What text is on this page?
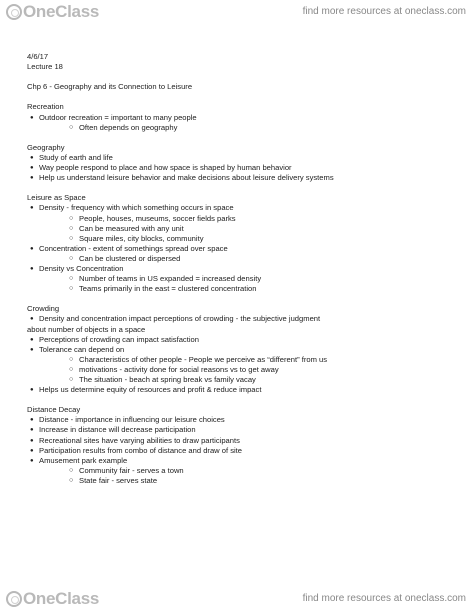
OneClass	find more resources at oneclass.com
4/6/17
Lecture 18
Chp 6 - Geography and its Connection to Leisure
Recreation
● Outdoor recreation = important to many people
○ Often depends on geography
Geography
● Study of earth and life
● Way people respond to place and how space is shaped by human behavior
● Help us understand leisure behavior and make decisions about leisure delivery systems
Leisure as Space
● Density - frequency with which something occurs in space
○ People, houses, museums, soccer fields parks
○ Can be measured with any unit
○ Square miles, city blocks, community
● Concentration - extent of somethings spread over space
○ Can be clustered or dispersed
● Density vs Concentration
○ Number of teams in US expanded = increased density
○ Teams primarily in the east = clustered concentration
Crowding
● Density and concentration impact perceptions of crowding - the subjective judgment
about number of objects in a space
● Perceptions of crowding can impact satisfaction
● Tolerance can depend on
○ Characteristics of other people - People we perceive as “different” from us
○ motivations - activity done for social reasons vs to get away
○ The situation - beach at spring break vs family vacay
● Helps us determine equity of resources and profit & reduce impact
Distance Decay
● Distance - importance in influencing our leisure choices
● Increase in distance will decrease participation
● Recreational sites have varying abilities to draw participants
● Participation results from combo of distance and draw of site
● Amusement park example
○ Community fair - serves a town
○ State fair - serves state
OneClass	find more resources at oneclass.com
